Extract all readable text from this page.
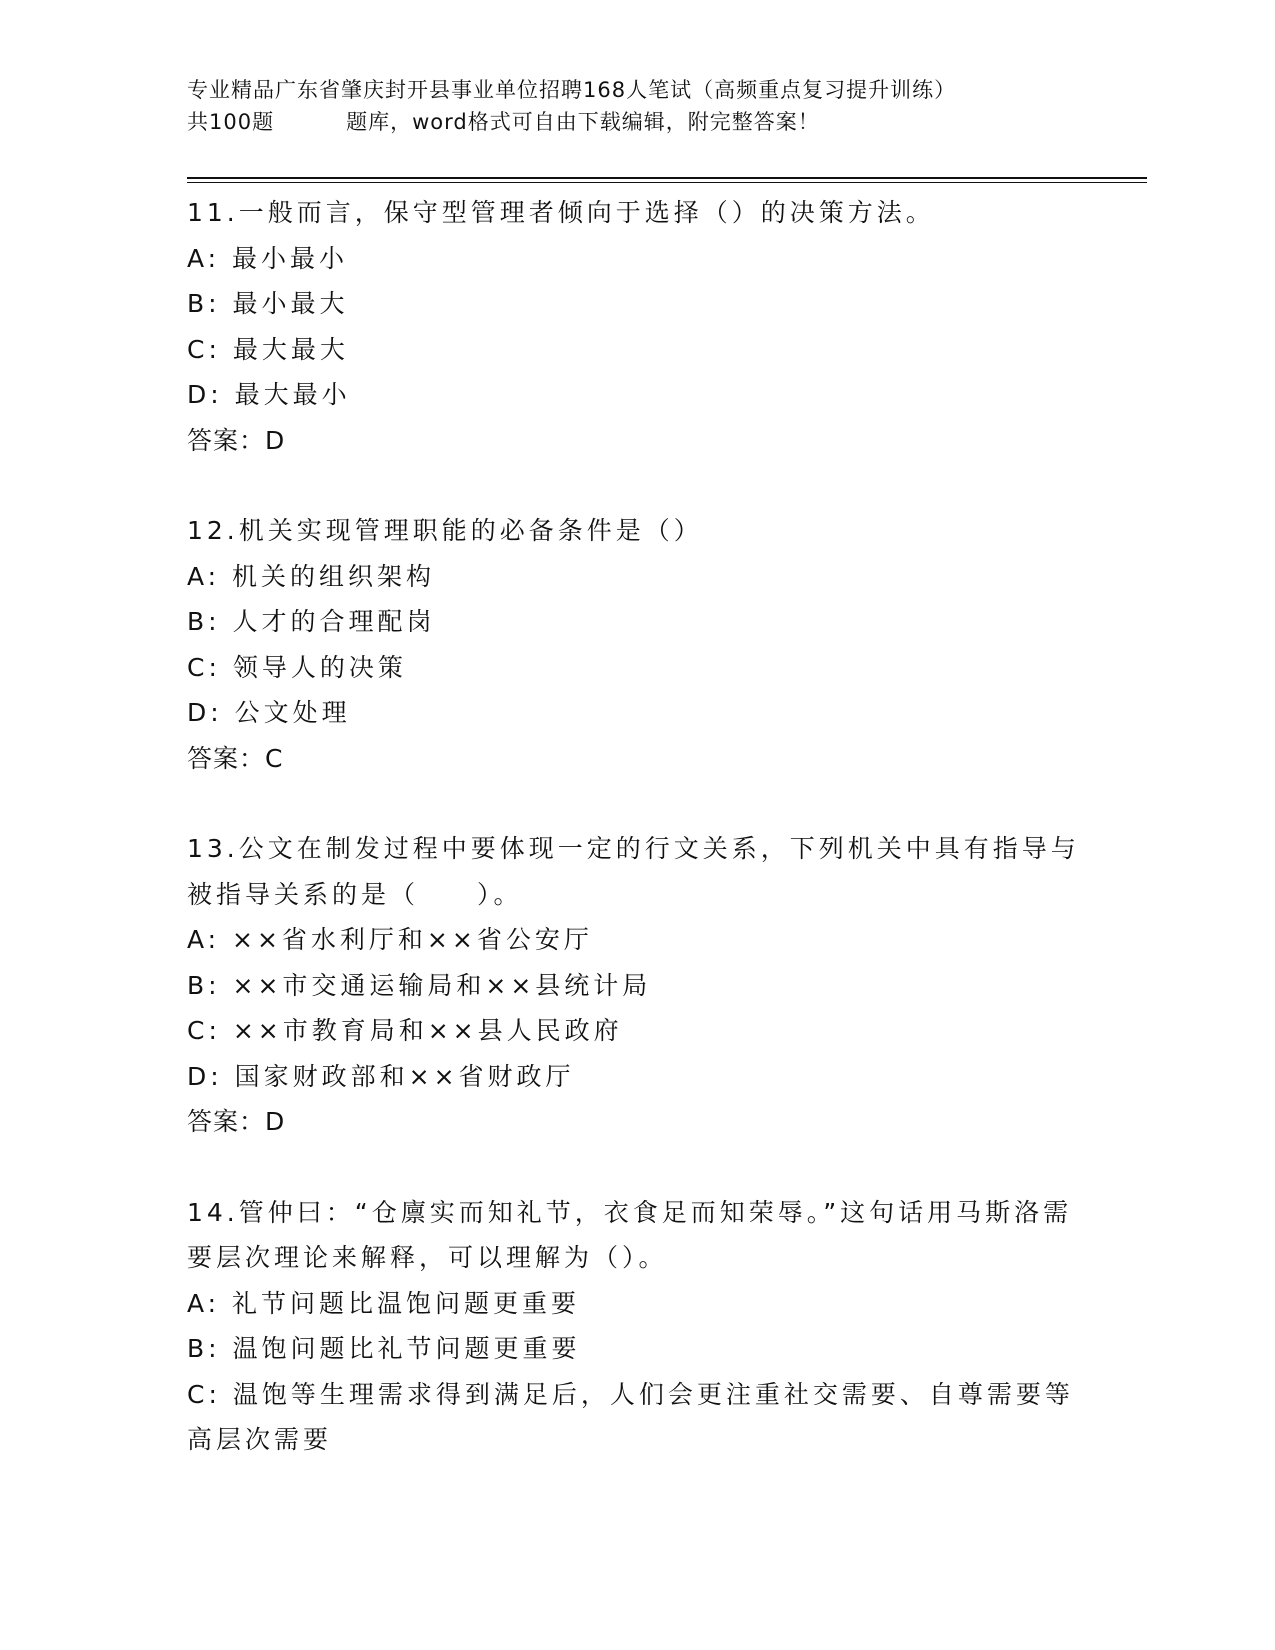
专业精品广东省肇庆封开县事业单位招聘168人笔试（高频重点复习提升训练）
共100题	题库，word格式可自由下载编辑，附完整答案！

11.一般而言，保守型管理者倾向于选择（）的决策方法。

A: 最小最小

B: 最小最大

C: 最大最大

D: 最大最小

答案：D

12.机关实现管理职能的必备条件是（）

A: 机关的组织架构

B: 人才的合理配岗

C: 领导人的决策

D: 公文处理

答案：C

13.公文在制发过程中要体现一定的行文关系，下列机关中具有指导与被指导关系的是（　　）。

A: ××省水利厅和××省公安厅

B: ××市交通运输局和××县统计局

C: ××市教育局和××县人民政府

D: 国家财政部和××省财政厅

答案：D

14.管仲曰：“仓廪实而知礼节，衣食足而知荣辱。”这句话用马斯洛需要层次理论来解释，可以理解为（）。

A: 礼节问题比温饱问题更重要

B: 温饱问题比礼节问题更重要

C: 温饱等生理需求得到满足后，人们会更注重社交需要、自尊需要等高层次需要
